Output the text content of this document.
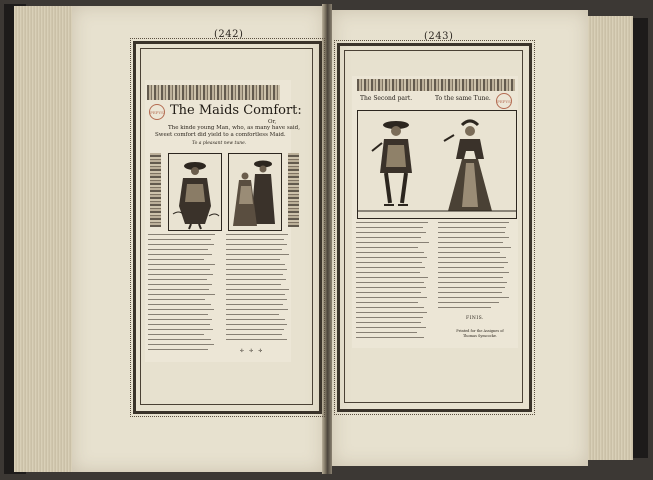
(242)
PEPYS The Maids Comfort:
Or,
The kinde young Man, who, as many have said,
Sweet comfort did yield to a comfortless Maid.
To a pleasant new tune.
✢ ✢ ✢
(243)
The Second part.	To the same Tune. PEPYS
FINIS.
Printed for the Assignes of
Thomas Symcocke.
